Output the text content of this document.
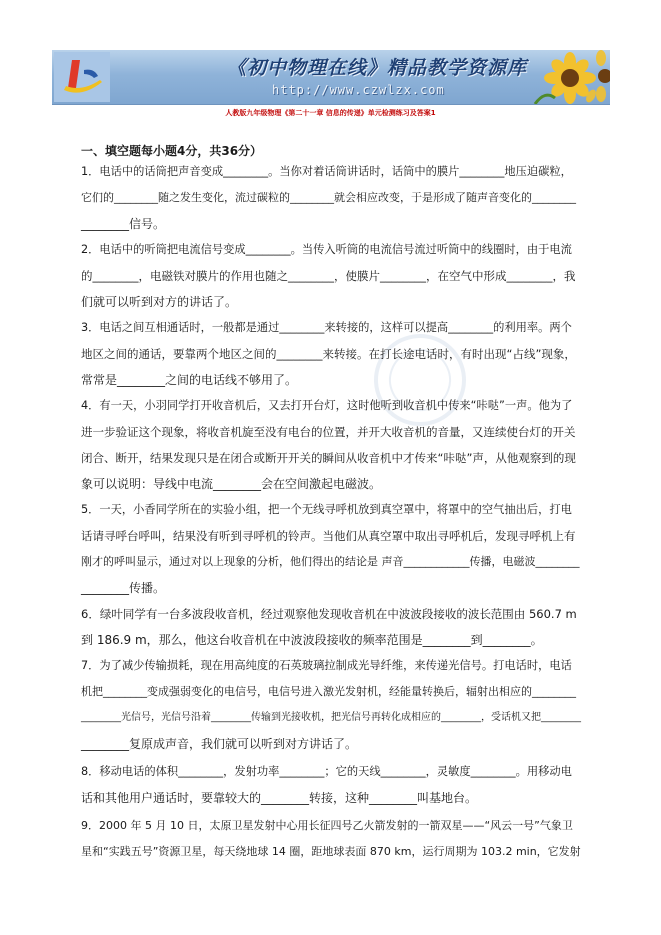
《初中物理在线》精品教学资源库
http://www.czwlzx.com
人教版九年级物理《第二十一章 信息的传递》单元检测练习及答案1
一、填空题每小题4分，共36分）
1．电话中的话筒把声音变成________。当你对着话筒讲话时，话筒中的膜片________地压迫碳粒，
它们的________随之发生变化，流过碳粒的________就会相应改变，于是形成了随声音变化的________
________信号。
2．电话中的听筒把电流信号变成________。当传入听筒的电流信号流过听筒中的线圈时，由于电流
的________，电磁铁对膜片的作用也随之________，使膜片________，在空气中形成________，我
们就可以听到对方的讲话了。
3．电话之间互相通话时，一般都是通过________来转接的，这样可以提高________的利用率。两个
地区之间的通话，要靠两个地区之间的________来转接。在打长途电话时，有时出现“占线”现象，
常常是________之间的电话线不够用了。
4．有一天，小羽同学打开收音机后，又去打开台灯，这时他听到收音机中传来“咔哒”一声。他为了
进一步验证这个现象，将收音机旋至没有电台的位置，并开大收音机的音量，又连续使台灯的开关
闭合、断开，结果发现只是在闭合或断开开关的瞬间从收音机中才传来“咔哒”声，从他观察到的现
象可以说明：导线中电流________会在空间激起电磁波。
5．一天，小香同学所在的实验小组，把一个无线寻呼机放到真空罩中，将罩中的空气抽出后，打电
话请寻呼台呼叫，结果没有听到寻呼机的铃声。当他们从真空罩中取出寻呼机后，发现寻呼机上有
刚才的呼叫显示，通过对以上现象的分析，他们得出的结论是 声音____________传播，电磁波________
________传播。
6．绿叶同学有一台多波段收音机，经过观察他发现收音机在中波波段接收的波长范围由 560.7 m
到 186.9 m，那么，他这台收音机在中波波段接收的频率范围是________到________。
7．为了减少传输损耗，现在用高纯度的石英玻璃拉制成光导纤维，来传递光信号。打电话时，电话
机把________变成强弱变化的电信号，电信号进入激光发射机，经能量转换后，辐射出相应的________
________光信号，光信号沿着________传输到光接收机，把光信号再转化成相应的________，受话机又把________
________复原成声音，我们就可以听到对方讲话了。
8．移动电话的体积________，发射功率________；它的天线________，灵敏度________。用移动电
话和其他用户通话时，要靠较大的________转接，这种________叫基地台。
9．2000 年 5 月 10 日，太原卫星发射中心用长征四号乙火箭发射的一箭双星——“风云一号”气象卫
星和“实践五号”资源卫星，每天绕地球 14 圈，距地球表面 870 km，运行周期为 103.2 min，它发射
